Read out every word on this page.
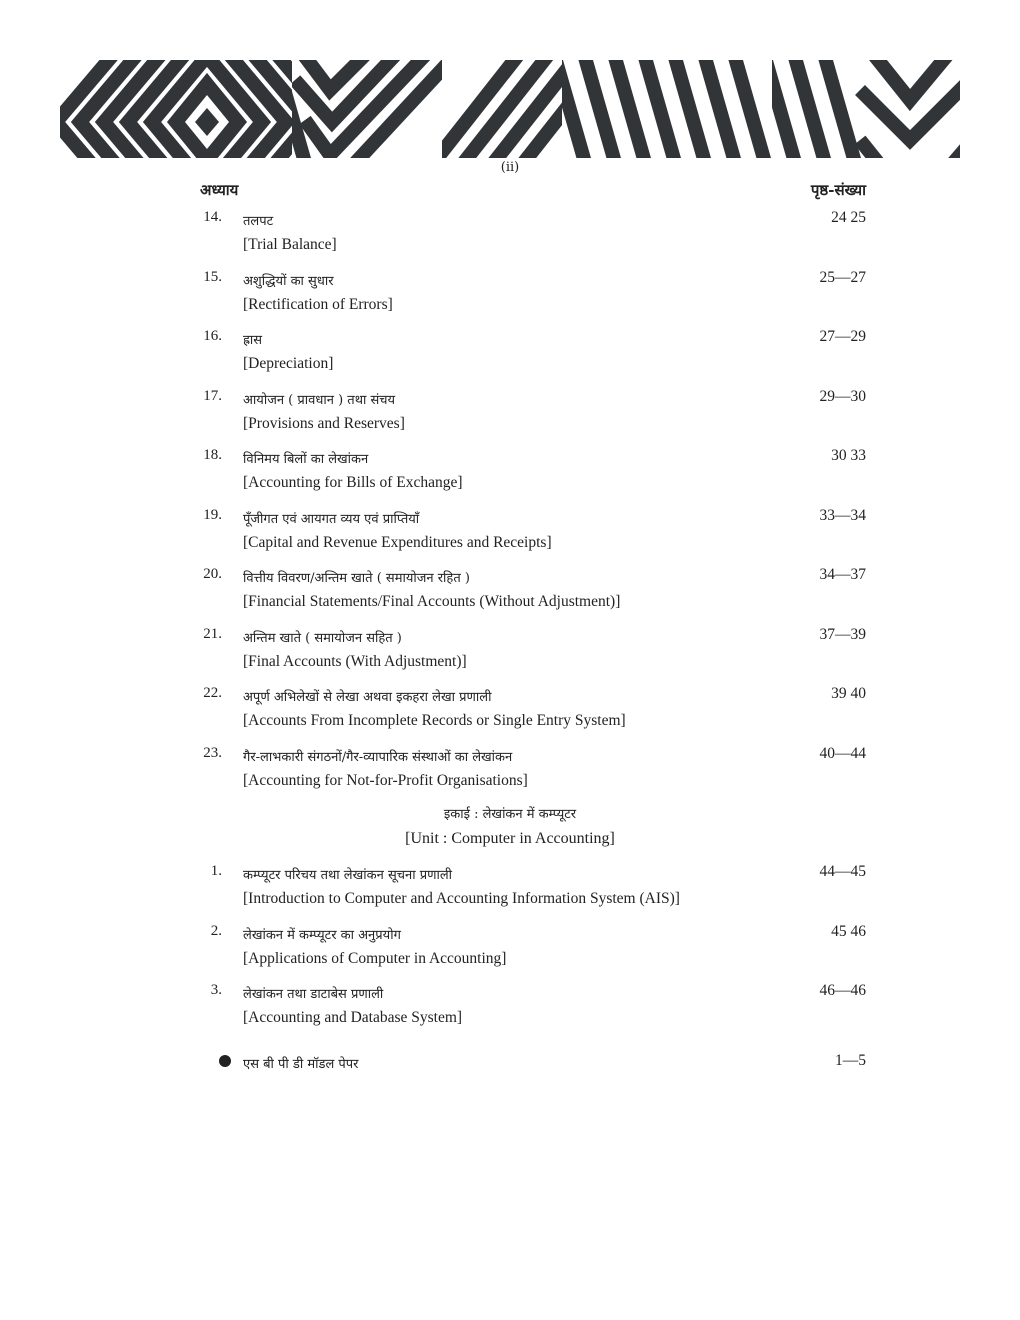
(ii)
अध्याय	पृष्ठ-संख्या
14. तलपट
[Trial Balance]
24 25
15. अशुद्धियों का सुधार
[Rectification of Errors]
25—27
16. ह्रास
[Depreciation]
27—29
17. आयोजन ( प्रावधान ) तथा संचय
[Provisions and Reserves]
29—30
18. विनिमय बिलों का लेखांकन
[Accounting for Bills of Exchange]
30 33
19. पूँजीगत एवं आयगत व्यय एवं प्राप्तियाँ
[Capital and Revenue Expenditures and Receipts]
33—34
20. वित्तीय विवरण/अन्तिम खाते ( समायोजन रहित )
[Financial Statements/Final Accounts (Without Adjustment)]
34—37
21. अन्तिम खाते ( समायोजन सहित )
[Final Accounts (With Adjustment)]
37—39
22. अपूर्ण अभिलेखों से लेखा अथवा इकहरा लेखा प्रणाली
[Accounts From Incomplete Records or Single Entry System]
39 40
23. गैर-लाभकारी संगठनों/गैर-व्यापारिक संस्थाओं का लेखांकन
[Accounting for Not-for-Profit Organisations]
40—44
इकाई : लेखांकन में कम्प्यूटर
[Unit : Computer in Accounting]
1. कम्प्यूटर परिचय तथा लेखांकन सूचना प्रणाली
[Introduction to Computer and Accounting Information System (AIS)]
44—45
2. लेखांकन में कम्प्यूटर का अनुप्रयोग
[Applications of Computer in Accounting]
45 46
3. लेखांकन तथा डाटाबेस प्रणाली
[Accounting and Database System]
46—46
एस बी पी डी मॉडल पेपर	1—5
